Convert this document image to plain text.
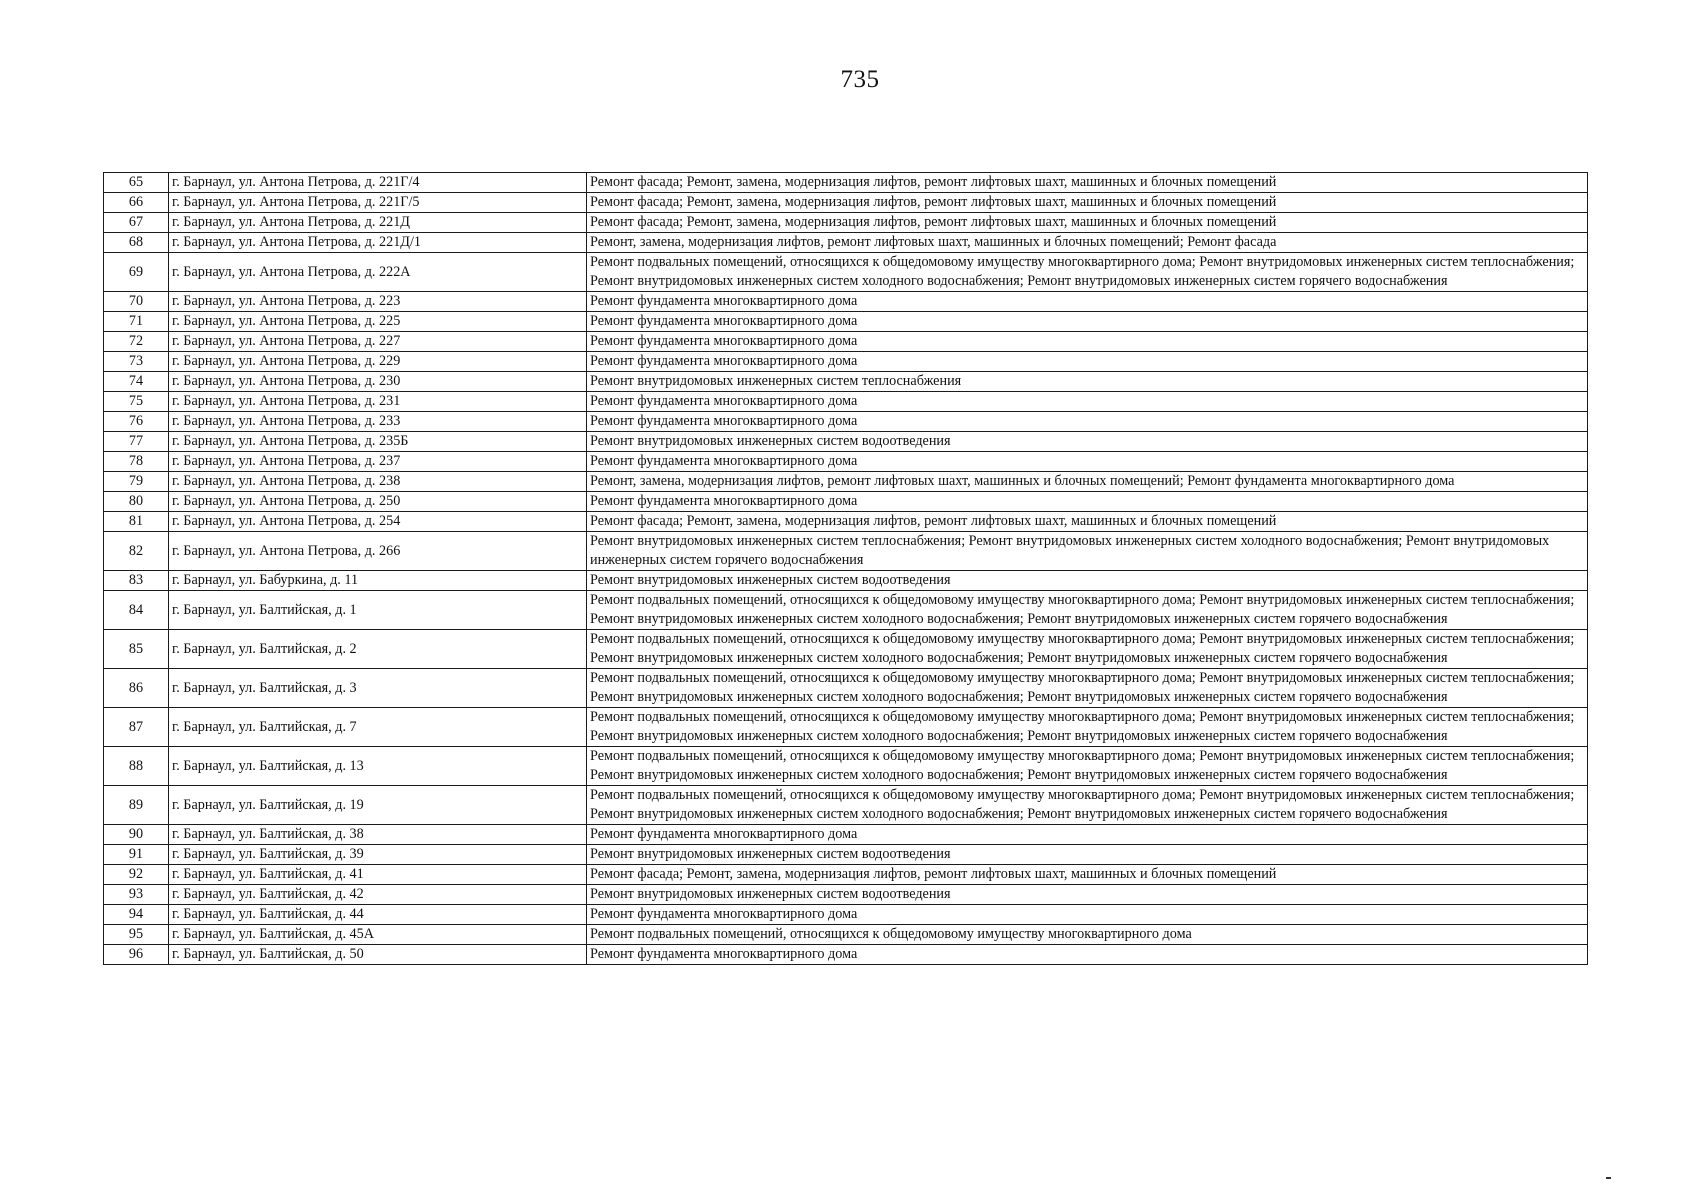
735
65	г. Барнаул, ул. Антона Петрова, д. 221Г/4	Ремонт фасада; Ремонт, замена, модернизация лифтов, ремонт лифтовых шахт, машинных и блочных помещений
66	г. Барнаул, ул. Антона Петрова, д. 221Г/5	Ремонт фасада; Ремонт, замена, модернизация лифтов, ремонт лифтовых шахт, машинных и блочных помещений
67	г. Барнаул, ул. Антона Петрова, д. 221Д	Ремонт фасада; Ремонт, замена, модернизация лифтов, ремонт лифтовых шахт, машинных и блочных помещений
68	г. Барнаул, ул. Антона Петрова, д. 221Д/1	Ремонт, замена, модернизация лифтов, ремонт лифтовых шахт, машинных и блочных помещений; Ремонт фасада
69	г. Барнаул, ул. Антона Петрова, д. 222А	Ремонт подвальных помещений, относящихся к общедомовому имуществу многоквартирного дома; Ремонт внутридомовых инженерных систем теплоснабжения; Ремонт внутридомовых инженерных систем холодного водоснабжения; Ремонт внутридомовых инженерных систем горячего водоснабжения
70	г. Барнаул, ул. Антона Петрова, д. 223	Ремонт фундамента многоквартирного дома
71	г. Барнаул, ул. Антона Петрова, д. 225	Ремонт фундамента многоквартирного дома
72	г. Барнаул, ул. Антона Петрова, д. 227	Ремонт фундамента многоквартирного дома
73	г. Барнаул, ул. Антона Петрова, д. 229	Ремонт фундамента многоквартирного дома
74	г. Барнаул, ул. Антона Петрова, д. 230	Ремонт внутридомовых инженерных систем теплоснабжения
75	г. Барнаул, ул. Антона Петрова, д. 231	Ремонт фундамента многоквартирного дома
76	г. Барнаул, ул. Антона Петрова, д. 233	Ремонт фундамента многоквартирного дома
77	г. Барнаул, ул. Антона Петрова, д. 235Б	Ремонт внутридомовых инженерных систем водоотведения
78	г. Барнаул, ул. Антона Петрова, д. 237	Ремонт фундамента многоквартирного дома
79	г. Барнаул, ул. Антона Петрова, д. 238	Ремонт, замена, модернизация лифтов, ремонт лифтовых шахт, машинных и блочных помещений; Ремонт фундамента многоквартирного дома
80	г. Барнаул, ул. Антона Петрова, д. 250	Ремонт фундамента многоквартирного дома
81	г. Барнаул, ул. Антона Петрова, д. 254	Ремонт фасада; Ремонт, замена, модернизация лифтов, ремонт лифтовых шахт, машинных и блочных помещений
82	г. Барнаул, ул. Антона Петрова, д. 266	Ремонт внутридомовых инженерных систем теплоснабжения; Ремонт внутридомовых инженерных систем холодного водоснабжения; Ремонт внутридомовых инженерных систем горячего водоснабжения
83	г. Барнаул, ул. Бабуркина, д. 11	Ремонт внутридомовых инженерных систем водоотведения
84	г. Барнаул, ул. Балтийская, д. 1	Ремонт подвальных помещений, относящихся к общедомовому имуществу многоквартирного дома; Ремонт внутридомовых инженерных систем теплоснабжения; Ремонт внутридомовых инженерных систем холодного водоснабжения; Ремонт внутридомовых инженерных систем горячего водоснабжения
85	г. Барнаул, ул. Балтийская, д. 2	Ремонт подвальных помещений, относящихся к общедомовому имуществу многоквартирного дома; Ремонт внутридомовых инженерных систем теплоснабжения; Ремонт внутридомовых инженерных систем холодного водоснабжения; Ремонт внутридомовых инженерных систем горячего водоснабжения
86	г. Барнаул, ул. Балтийская, д. 3	Ремонт подвальных помещений, относящихся к общедомовому имуществу многоквартирного дома; Ремонт внутридомовых инженерных систем теплоснабжения; Ремонт внутридомовых инженерных систем холодного водоснабжения; Ремонт внутридомовых инженерных систем горячего водоснабжения
87	г. Барнаул, ул. Балтийская, д. 7	Ремонт подвальных помещений, относящихся к общедомовому имуществу многоквартирного дома; Ремонт внутридомовых инженерных систем теплоснабжения; Ремонт внутридомовых инженерных систем холодного водоснабжения; Ремонт внутридомовых инженерных систем горячего водоснабжения
88	г. Барнаул, ул. Балтийская, д. 13	Ремонт подвальных помещений, относящихся к общедомовому имуществу многоквартирного дома; Ремонт внутридомовых инженерных систем теплоснабжения; Ремонт внутридомовых инженерных систем холодного водоснабжения; Ремонт внутридомовых инженерных систем горячего водоснабжения
89	г. Барнаул, ул. Балтийская, д. 19	Ремонт подвальных помещений, относящихся к общедомовому имуществу многоквартирного дома; Ремонт внутридомовых инженерных систем теплоснабжения; Ремонт внутридомовых инженерных систем холодного водоснабжения; Ремонт внутридомовых инженерных систем горячего водоснабжения
90	г. Барнаул, ул. Балтийская, д. 38	Ремонт фундамента многоквартирного дома
91	г. Барнаул, ул. Балтийская, д. 39	Ремонт внутридомовых инженерных систем водоотведения
92	г. Барнаул, ул. Балтийская, д. 41	Ремонт фасада; Ремонт, замена, модернизация лифтов, ремонт лифтовых шахт, машинных и блочных помещений
93	г. Барнаул, ул. Балтийская, д. 42	Ремонт внутридомовых инженерных систем водоотведения
94	г. Барнаул, ул. Балтийская, д. 44	Ремонт фундамента многоквартирного дома
95	г. Барнаул, ул. Балтийская, д. 45А	Ремонт подвальных помещений, относящихся к общедомовому имуществу многоквартирного дома
96	г. Барнаул, ул. Балтийская, д. 50	Ремонт фундамента многоквартирного дома
